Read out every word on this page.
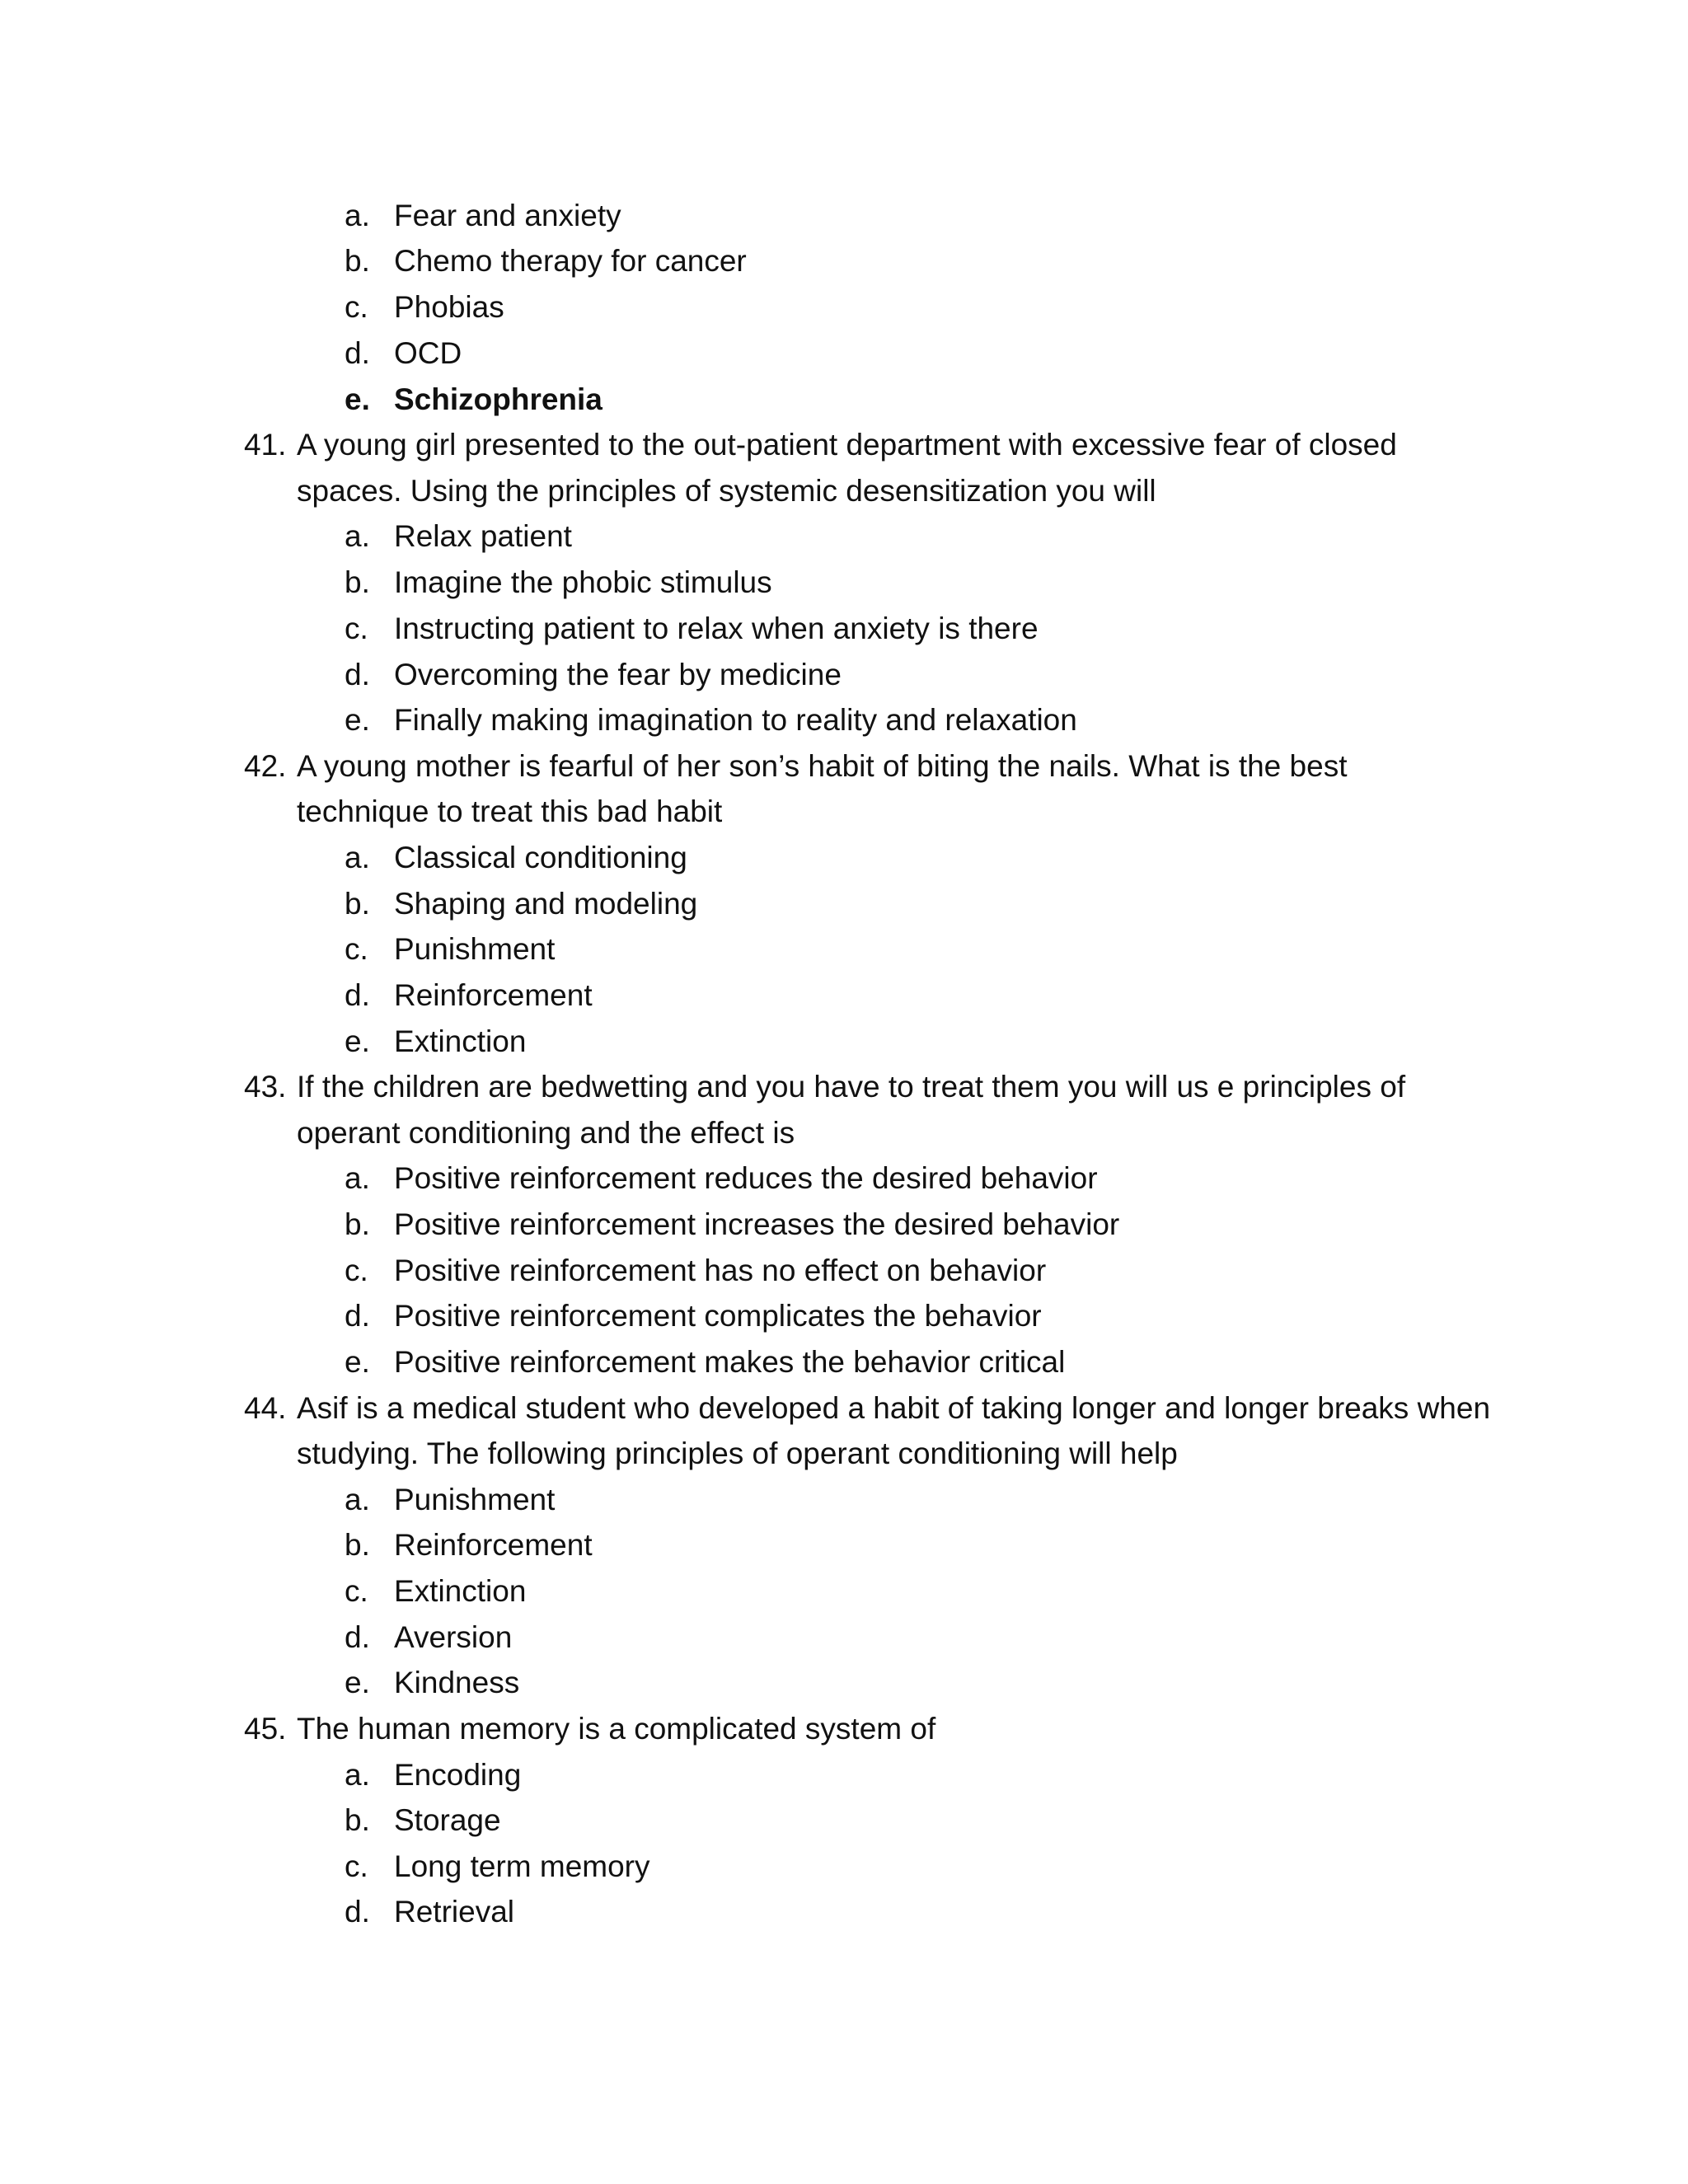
a. Fear and anxiety
b. Chemo therapy for cancer
c. Phobias
d. OCD
e. Schizophrenia
41. A young girl presented to the out-patient department with excessive fear of closed
spaces. Using the principles of systemic desensitization you will
a. Relax patient
b. Imagine the phobic stimulus
c. Instructing patient to relax when anxiety is there
d. Overcoming the fear by medicine
e. Finally making imagination to reality and relaxation
42. A young mother is fearful of her son’s habit of biting the nails. What is the best
technique to treat this bad habit
a. Classical conditioning
b. Shaping and modeling
c. Punishment
d. Reinforcement
e. Extinction
43. If the children are bedwetting and you have to treat them you will us e principles of
operant conditioning and the effect is
a. Positive reinforcement reduces the desired behavior
b. Positive reinforcement increases the desired behavior
c. Positive reinforcement has no effect on behavior
d. Positive reinforcement complicates the behavior
e. Positive reinforcement makes the behavior critical
44. Asif is a medical student who developed a habit of taking longer and longer breaks when
studying. The following principles of operant conditioning will help
a. Punishment
b. Reinforcement
c. Extinction
d. Aversion
e. Kindness
45. The human memory is a complicated system of
a. Encoding
b. Storage
c. Long term memory
d. Retrieval
